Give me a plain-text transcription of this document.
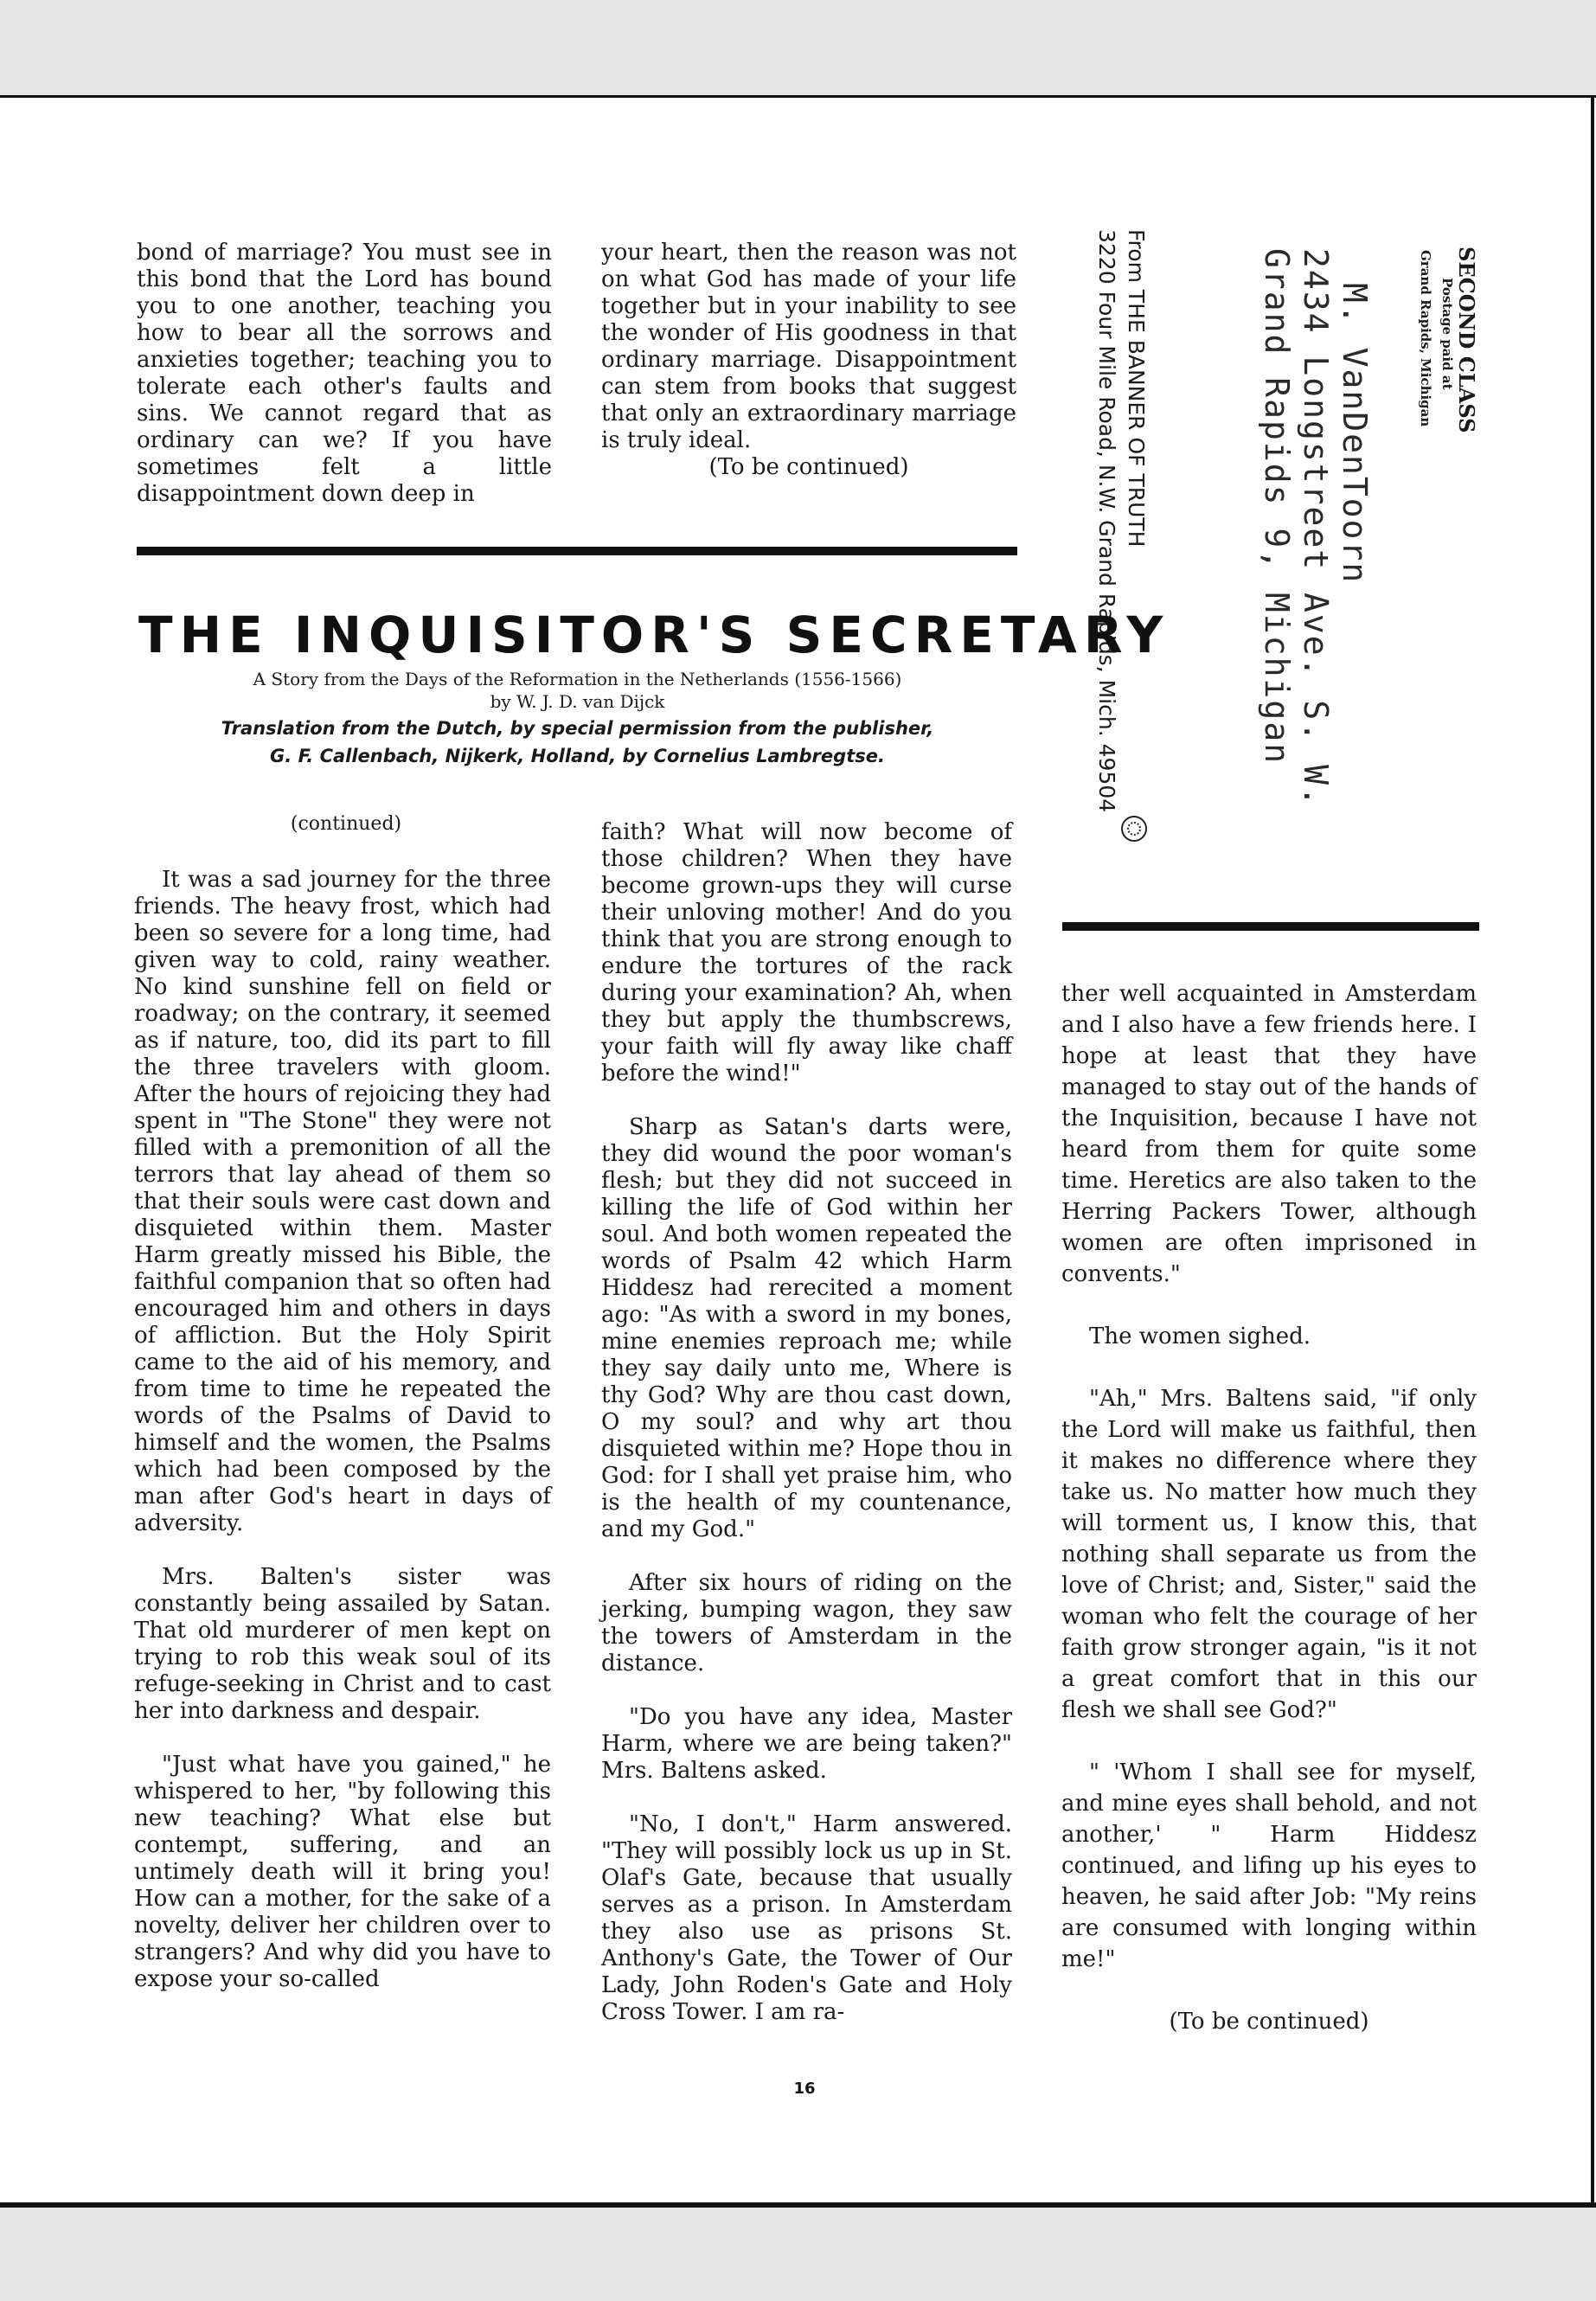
bond of marriage? You must see in this bond that the Lord has bound you to one another, teaching you how to bear all the sorrows and anxieties together; teaching you to tolerate each other's faults and sins. We cannot regard that as ordinary can we? If you have sometimes felt a little disappointment down deep in

your heart, then the reason was not on what God has made of your life together but in your inability to see the wonder of His goodness in that ordinary marriage. Disappointment can stem from books that suggest that only an extraordinary marriage is truly ideal.

(To be continued)

SECOND CLASS
Postage paid at
Grand Rapids, Michigan
M. VanDenToorn
2434 Longstreet Ave. S. W.
Grand Rapids 9, Michigan
From THE BANNER OF TRUTH
3220 Four Mile Road, N.W. Grand Rapids, Mich. 49504
THE INQUISITOR'S SECRETARY
A Story from the Days of the Reformation in the Netherlands (1556-1566)
by W. J. D. van Dijck
Translation from the Dutch, by special permission from the publisher,
G. F. Callenbach, Nijkerk, Holland, by Cornelius Lambregtse.
(continued)

It was a sad journey for the three friends. The heavy frost, which had been so severe for a long time, had given way to cold, rainy weather. No kind sunshine fell on field or roadway; on the contrary, it seemed as if nature, too, did its part to fill the three travelers with gloom. After the hours of rejoicing they had spent in "The Stone" they were not filled with a premonition of all the terrors that lay ahead of them so that their souls were cast down and disquieted within them. Master Harm greatly missed his Bible, the faithful companion that so often had encouraged him and others in days of affliction. But the Holy Spirit came to the aid of his memory, and from time to time he repeated the words of the Psalms of David to himself and the women, the Psalms which had been composed by the man after God's heart in days of adversity.

Mrs. Balten's sister was constantly being assailed by Satan. That old murderer of men kept on trying to rob this weak soul of its refuge-seeking in Christ and to cast her into darkness and despair.

"Just what have you gained," he whispered to her, "by following this new teaching? What else but contempt, suffering, and an untimely death will it bring you! How can a mother, for the sake of a novelty, deliver her children over to strangers? And why did you have to expose your so-called

faith? What will now become of those children? When they have become grown-ups they will curse their unloving mother! And do you think that you are strong enough to endure the tortures of the rack during your examination? Ah, when they but apply the thumbscrews, your faith will fly away like chaff before the wind!"

Sharp as Satan's darts were, they did wound the poor woman's flesh; but they did not succeed in killing the life of God within her soul. And both women repeated the words of Psalm 42 which Harm Hiddesz had rerecited a moment ago: "As with a sword in my bones, mine enemies reproach me; while they say daily unto me, Where is thy God? Why are thou cast down, O my soul? and why art thou disquieted within me? Hope thou in God: for I shall yet praise him, who is the health of my countenance, and my God."

After six hours of riding on the jerking, bumping wagon, they saw the towers of Amsterdam in the distance.

"Do you have any idea, Master Harm, where we are being taken?" Mrs. Baltens asked.

"No, I don't," Harm answered. "They will possibly lock us up in St. Olaf's Gate, because that usually serves as a prison. In Amsterdam they also use as prisons St. Anthony's Gate, the Tower of Our Lady, John Roden's Gate and Holy Cross Tower. I am ra-

ther well acquainted in Amsterdam and I also have a few friends here. I hope at least that they have managed to stay out of the hands of the Inquisition, because I have not heard from them for quite some time. Heretics are also taken to the Herring Packers Tower, although women are often imprisoned in convents."

The women sighed.

"Ah," Mrs. Baltens said, "if only the Lord will make us faithful, then it makes no difference where they take us. No matter how much they will torment us, I know this, that nothing shall separate us from the love of Christ; and, Sister," said the woman who felt the courage of her faith grow stronger again, "is it not a great comfort that in this our flesh we shall see God?"

" 'Whom I shall see for myself, and mine eyes shall behold, and not another,' " Harm Hiddesz continued, and lifing up his eyes to heaven, he said after Job: "My reins are consumed with longing within me!"

(To be continued)

16
